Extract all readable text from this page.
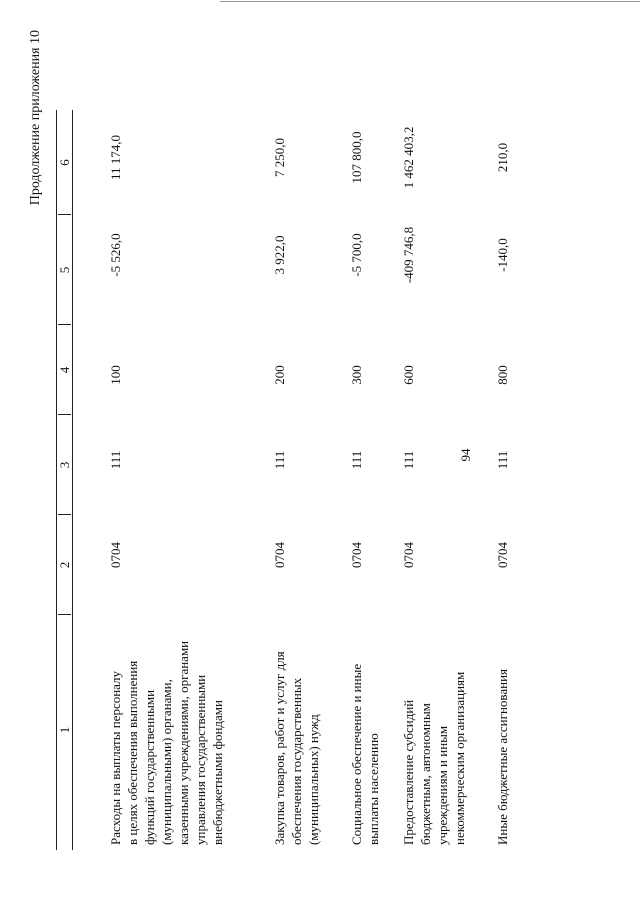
94
Продолжение приложения 10
1
2
3
4
5
6
Расходы на выплаты персоналу в целях обеспечения выполнения функций государственными (муниципальными) органами, казенными учреждениями, органами управления государственными внебюджетными фондами
0704
111
100
-5 526,0
11 174,0
Закупка товаров, работ и услуг для обеспечения государственных (муниципальных) нужд
0704
111
200
3 922,0
7 250,0
Социальное обеспечение и иные выплаты населению
0704
111
300
-5 700,0
107 800,0
Предоставление субсидий бюджетным, автономным учреждениям и иным некоммерческим организациям
0704
111
600
-409 746,8
1 462 403,2
Иные бюджетные ассигнования
0704
111
800
-140,0
210,0
